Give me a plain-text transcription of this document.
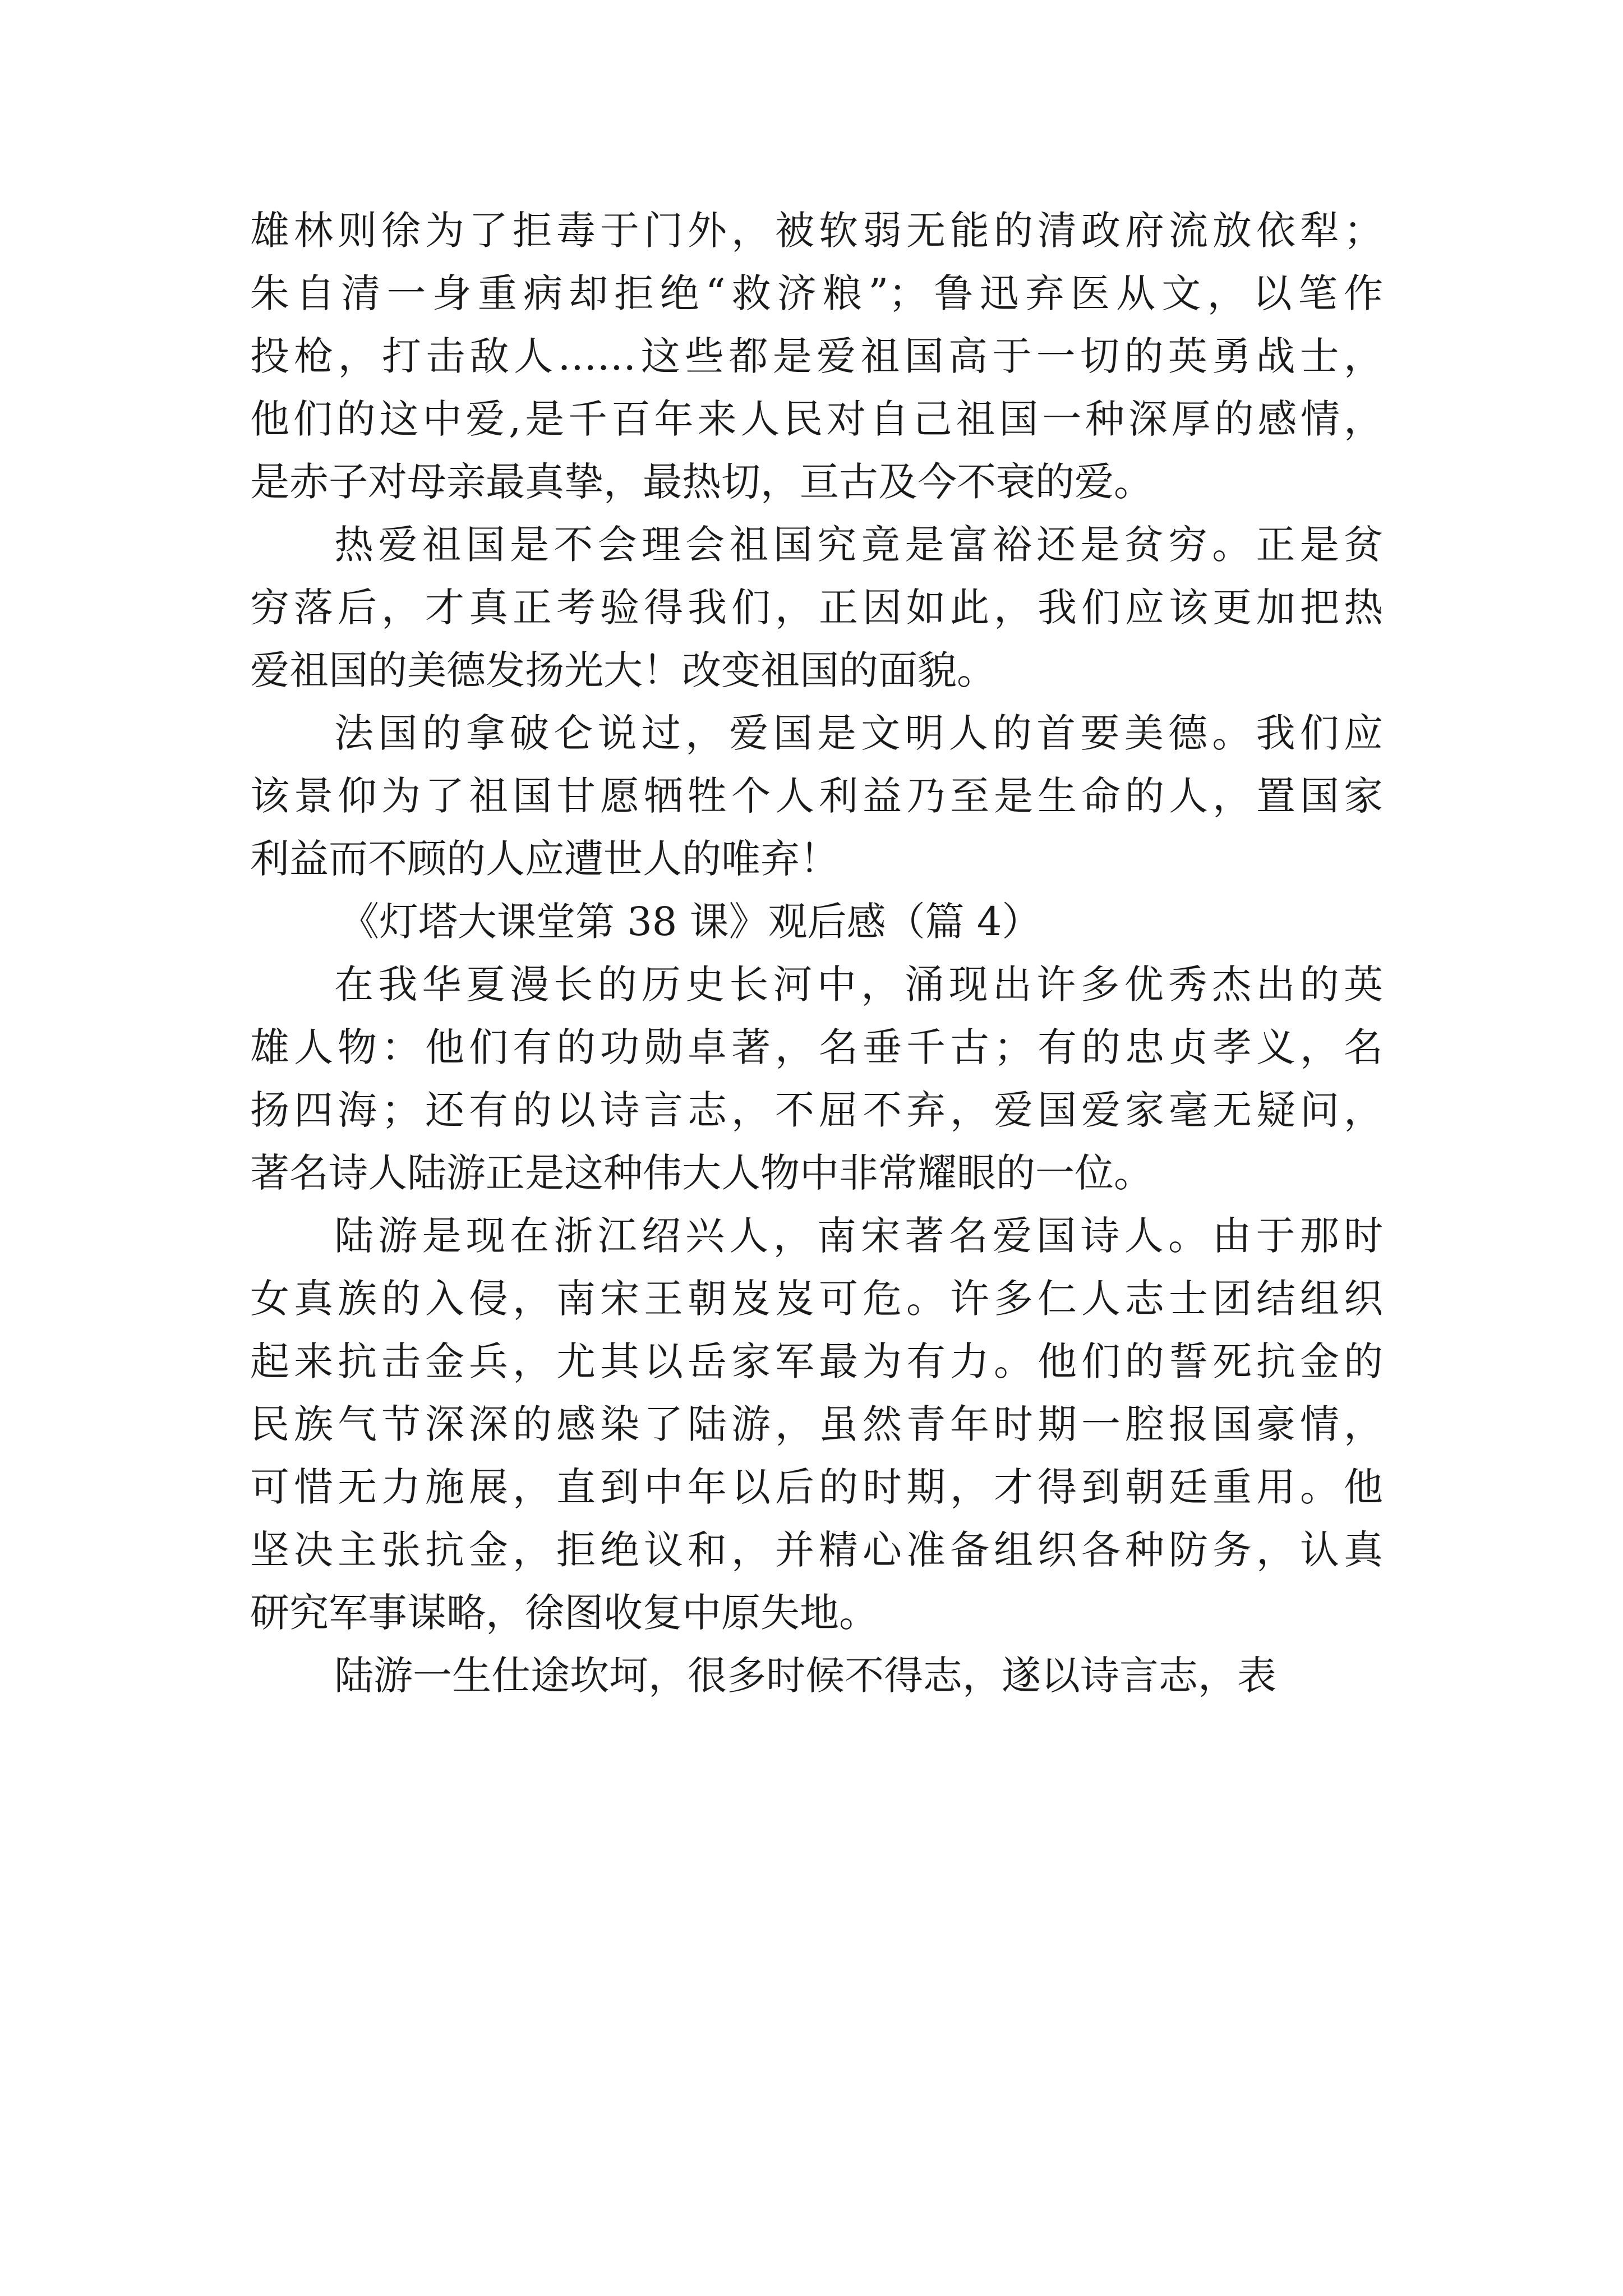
雄林则徐为了拒毒于门外，被软弱无能的清政府流放依犁；
朱自清一身重病却拒绝“救济粮”；鲁迅弃医从文，以笔作
投枪，打击敌人……这些都是爱祖国高于一切的英勇战士，
他们的这中爱,是千百年来人民对自己祖国一种深厚的感情，
是赤子对母亲最真挚，最热切，亘古及今不衰的爱。
热爱祖国是不会理会祖国究竟是富裕还是贫穷。正是贫
穷落后，才真正考验得我们，正因如此，我们应该更加把热
爱祖国的美德发扬光大！改变祖国的面貌。
法国的拿破仑说过，爱国是文明人的首要美德。我们应
该景仰为了祖国甘愿牺牲个人利益乃至是生命的人，置国家
利益而不顾的人应遭世人的唯弃！
《灯塔大课堂第 38 课》观后感（篇 4）
在我华夏漫长的历史长河中，涌现出许多优秀杰出的英
雄人物：他们有的功勋卓著，名垂千古；有的忠贞孝义，名
扬四海；还有的以诗言志，不屈不弃，爱国爱家毫无疑问，
著名诗人陆游正是这种伟大人物中非常耀眼的一位。
陆游是现在浙江绍兴人，南宋著名爱国诗人。由于那时
女真族的入侵，南宋王朝岌岌可危。许多仁人志士团结组织
起来抗击金兵，尤其以岳家军最为有力。他们的誓死抗金的
民族气节深深的感染了陆游，虽然青年时期一腔报国豪情，
可惜无力施展，直到中年以后的时期，才得到朝廷重用。他
坚决主张抗金，拒绝议和，并精心准备组织各种防务，认真
研究军事谋略，徐图收复中原失地。
陆游一生仕途坎坷，很多时候不得志，遂以诗言志，表
